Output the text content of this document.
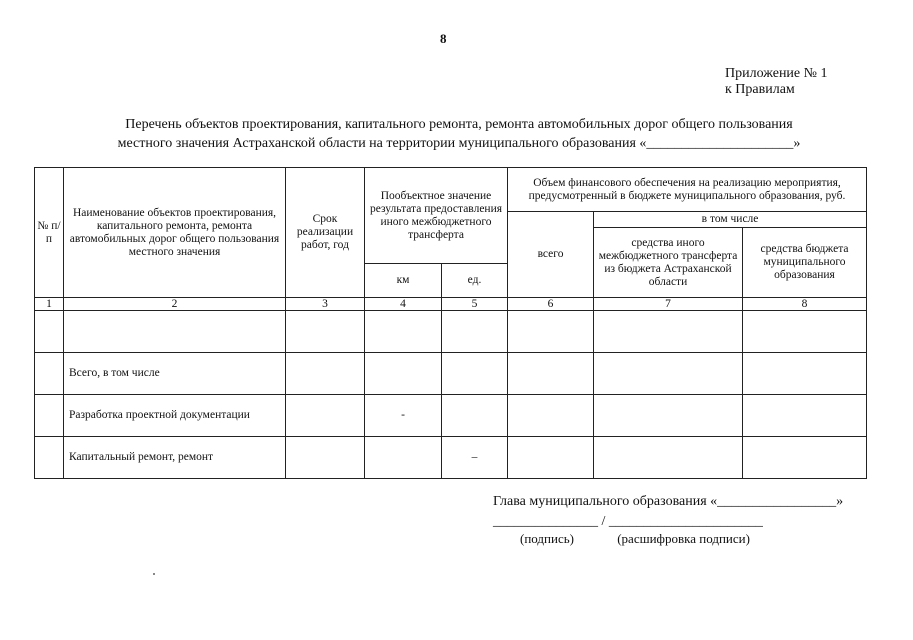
8
Приложение № 1
к Правилам
Перечень объектов проектирования, капитального ремонта, ремонта автомобильных дорог общего пользования
местного значения Астраханской области на территории муниципального образования «_____________________»
№ п/п	Наименование объектов проектирования, капитального ремонта, ремонта автомобильных дорог общего пользования местного значения	Срок реализации работ, год	Пообъектное значение результата предоставления иного межбюджетного трансферта		Объем финансового обеспечения на реализацию мероприятия, предусмотренный в бюджете муниципального образования, руб.		
					всего	в том числе	
						средства иного межбюджетного трансферта из бюджета Астраханской области	средства бюджета муниципального образования
			км	ед.			
1	2	3	4	5	6	7	8

	Всего, в том числе						
	Разработка проектной документации		-				
	Капитальный ремонт, ремонт			–			
Глава муниципального образования «_________________»
_______________ / ______________________
(подпись)	(расшифровка подписи)
